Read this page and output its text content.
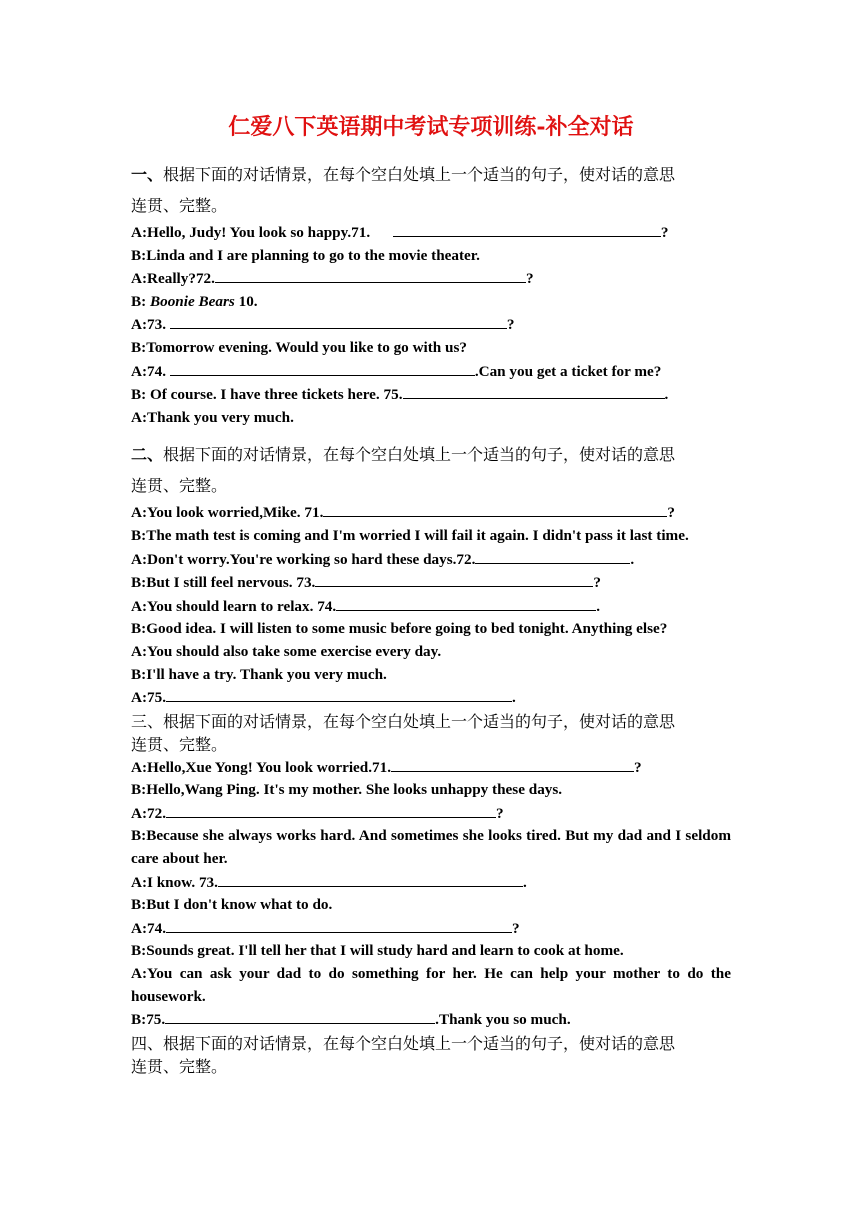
仁爱八下英语期中考试专项训练-补全对话
一、根据下面的对话情景，在每个空白处填上一个适当的句子，使对话的意思
连贯、完整。
A:Hello, Judy! You look so happy.71.	?
B:Linda and I are planning to go to the movie theater.
A:Really?72.	?
B: Boonie Bears 10.
A:73.	?
B:Tomorrow evening. Would you like to go with us?
A:74.	.Can you get a ticket for me?
B: Of course. I have three tickets here. 75.	.
A:Thank you very much.
二、根据下面的对话情景，在每个空白处填上一个适当的句子，使对话的意思
连贯、完整。
A:You look worried,Mike. 71.	?
B:The math test is coming and I'm worried I will fail it again. I didn't pass it last time.
A:Don't worry.You're working so hard these days.72.	.
B:But I still feel nervous. 73.	?
A:You should learn to relax. 74.	.
B:Good idea. I will listen to some music before going to bed tonight. Anything else?
A:You should also take some exercise every day.
B:I'll have a try. Thank you very much.
A:75.	.
三、根据下面的对话情景，在每个空白处填上一个适当的句子，使对话的意思
连贯、完整。
A:Hello,Xue Yong! You look worried.71.	?
B:Hello,Wang Ping. It's my mother. She looks unhappy these days.
A:72.	?
B:Because she always works hard. And sometimes she looks tired. But my dad and I seldom care about her.
A:I know. 73.	.
B:But I don't know what to do.
A:74.	?
B:Sounds great. I'll tell her that I will study hard and learn to cook at home.
A:You can ask your dad to do something for her. He can help your mother to do the housework.
B:75.	.Thank you so much.
四、根据下面的对话情景，在每个空白处填上一个适当的句子，使对话的意思
连贯、完整。
